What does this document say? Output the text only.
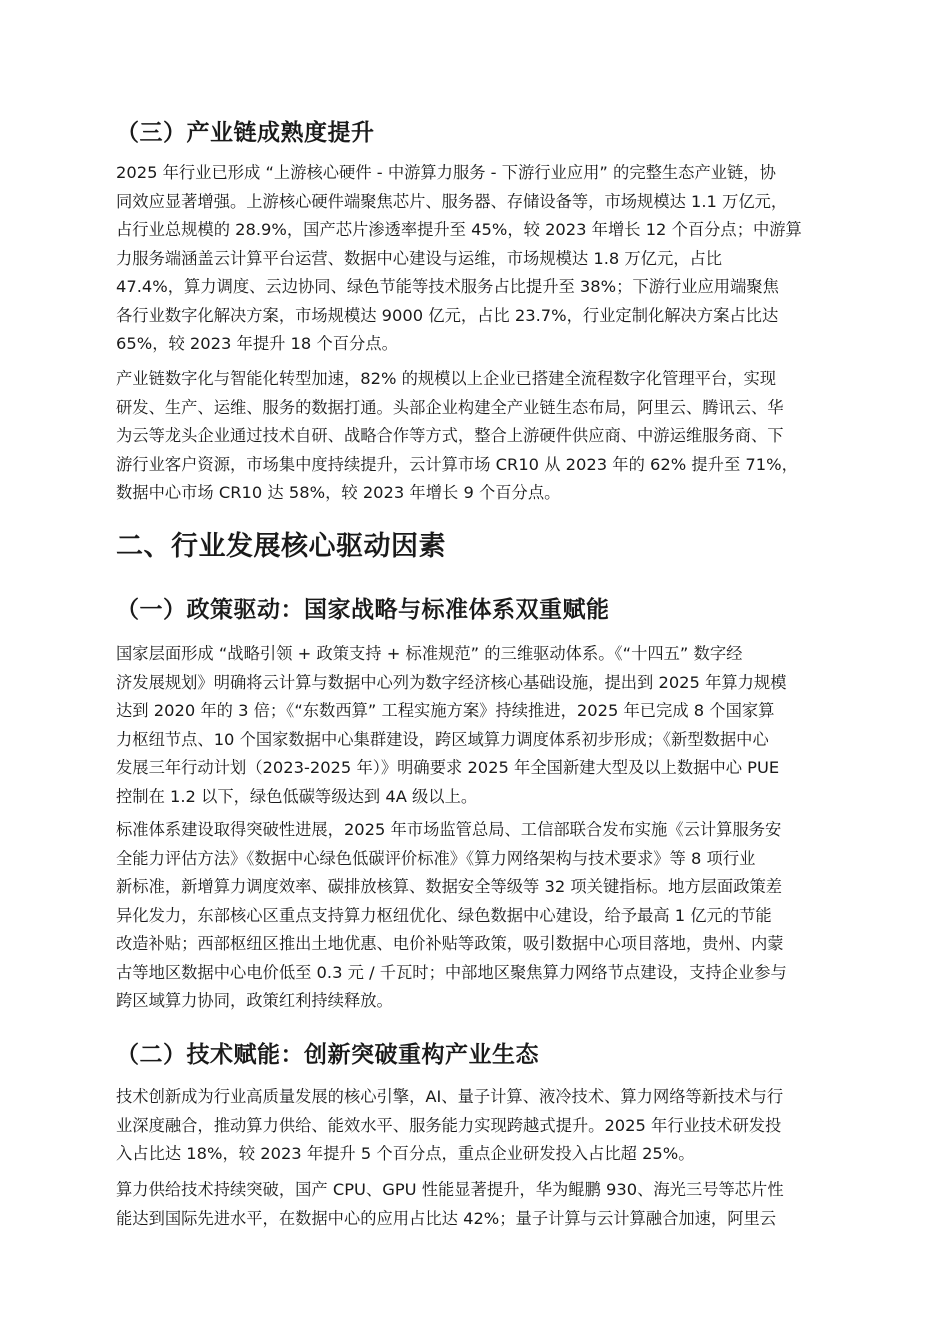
（三）产业链成熟度提升
2025 年行业已形成 “上游核心硬件 - 中游算力服务 - 下游行业应用” 的完整生态产业链，协
同效应显著增强。上游核心硬件端聚焦芯片、服务器、存储设备等，市场规模达 1.1 万亿元，
占行业总规模的 28.9%，国产芯片渗透率提升至 45%，较 2023 年增长 12 个百分点；中游算
力服务端涵盖云计算平台运营、数据中心建设与运维，市场规模达 1.8 万亿元，占比
47.4%，算力调度、云边协同、绿色节能等技术服务占比提升至 38%；下游行业应用端聚焦
各行业数字化解决方案，市场规模达 9000 亿元，占比 23.7%，行业定制化解决方案占比达
65%，较 2023 年提升 18 个百分点。
产业链数字化与智能化转型加速，82% 的规模以上企业已搭建全流程数字化管理平台，实现
研发、生产、运维、服务的数据打通。头部企业构建全产业链生态布局，阿里云、腾讯云、华
为云等龙头企业通过技术自研、战略合作等方式，整合上游硬件供应商、中游运维服务商、下
游行业客户资源，市场集中度持续提升，云计算市场 CR10 从 2023 年的 62% 提升至 71%，
数据中心市场 CR10 达 58%，较 2023 年增长 9 个百分点。
二、行业发展核心驱动因素
（一）政策驱动：国家战略与标准体系双重赋能
国家层面形成 “战略引领 + 政策支持 + 标准规范” 的三维驱动体系。《“十四五” 数字经
济发展规划》明确将云计算与数据中心列为数字经济核心基础设施，提出到 2025 年算力规模
达到 2020 年的 3 倍；《“东数西算” 工程实施方案》持续推进，2025 年已完成 8 个国家算
力枢纽节点、10 个国家数据中心集群建设，跨区域算力调度体系初步形成；《新型数据中心
发展三年行动计划（2023-2025 年）》明确要求 2025 年全国新建大型及以上数据中心 PUE
控制在 1.2 以下，绿色低碳等级达到 4A 级以上。
标准体系建设取得突破性进展，2025 年市场监管总局、工信部联合发布实施《云计算服务安
全能力评估方法》《数据中心绿色低碳评价标准》《算力网络架构与技术要求》等 8 项行业
新标准，新增算力调度效率、碳排放核算、数据安全等级等 32 项关键指标。地方层面政策差
异化发力，东部核心区重点支持算力枢纽优化、绿色数据中心建设，给予最高 1 亿元的节能
改造补贴；西部枢纽区推出土地优惠、电价补贴等政策，吸引数据中心项目落地，贵州、内蒙
古等地区数据中心电价低至 0.3 元 / 千瓦时；中部地区聚焦算力网络节点建设，支持企业参与
跨区域算力协同，政策红利持续释放。
（二）技术赋能：创新突破重构产业生态
技术创新成为行业高质量发展的核心引擎，AI、量子计算、液冷技术、算力网络等新技术与行
业深度融合，推动算力供给、能效水平、服务能力实现跨越式提升。2025 年行业技术研发投
入占比达 18%，较 2023 年提升 5 个百分点，重点企业研发投入占比超 25%。
算力供给技术持续突破，国产 CPU、GPU 性能显著提升，华为鲲鹏 930、海光三号等芯片性
能达到国际先进水平，在数据中心的应用占比达 42%；量子计算与云计算融合加速，阿里云
